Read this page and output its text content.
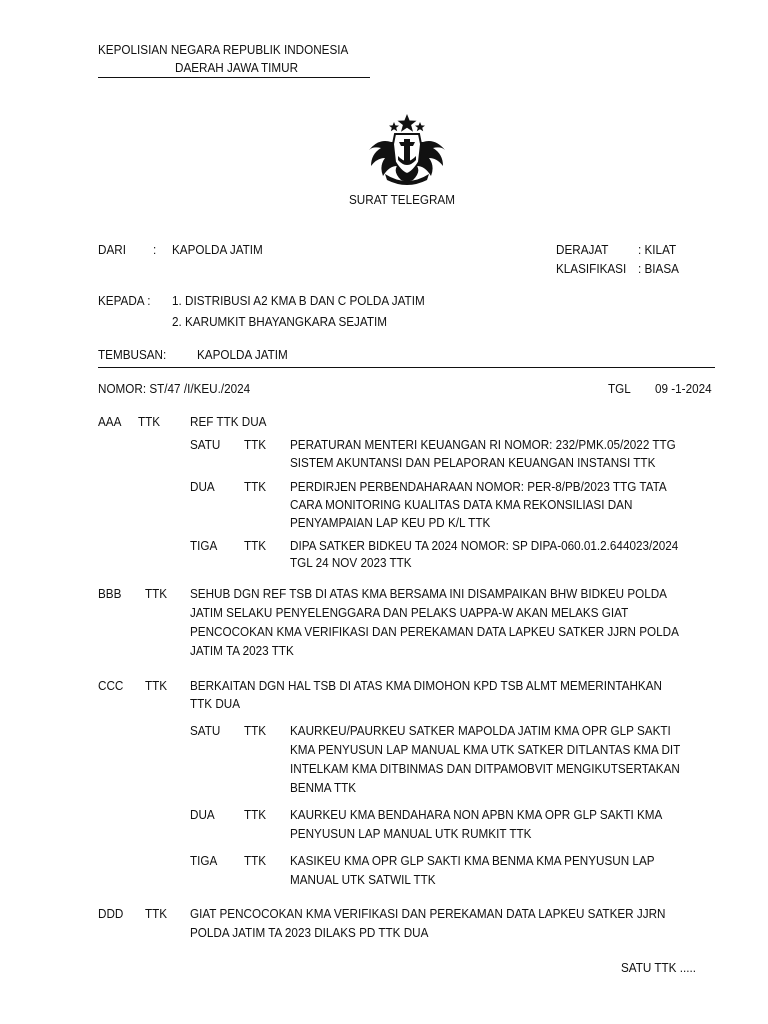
KEPOLISIAN NEGARA REPUBLIK INDONESIA
DAERAH JAWA TIMUR
SURAT TELEGRAM
DARI : KAPOLDA JATIM	DERAJAT : KILAT
KLASIFIKASI : BIASA
KEPADA : 1. DISTRIBUSI A2 KMA B DAN C POLDA JATIM
2. KARUMKIT BHAYANGKARA SEJATIM
TEMBUSAN: KAPOLDA JATIM
NOMOR: ST/47 /I/KEU./2024	TGL 09 -1-2024
AAA TTK REF TTK DUA
SATU TTK PERATURAN MENTERI KEUANGAN RI NOMOR: 232/PMK.05/2022 TTG
SISTEM AKUNTANSI DAN PELAPORAN KEUANGAN INSTANSI TTK
DUA TTK PERDIRJEN PERBENDAHARAAN NOMOR: PER-8/PB/2023 TTG TATA
CARA MONITORING KUALITAS DATA KMA REKONSILIASI DAN
PENYAMPAIAN LAP KEU PD K/L TTK
TIGA TTK DIPA SATKER BIDKEU TA 2024 NOMOR: SP DIPA-060.01.2.644023/2024
TGL 24 NOV 2023 TTK
BBB TTK SEHUB DGN REF TSB DI ATAS KMA BERSAMA INI DISAMPAIKAN BHW BIDKEU POLDA
JATIM SELAKU PENYELENGGARA DAN PELAKS UAPPA-W AKAN MELAKS GIAT
PENCOCOKAN KMA VERIFIKASI DAN PEREKAMAN DATA LAPKEU SATKER JJRN POLDA
JATIM TA 2023 TTK
CCC TTK BERKAITAN DGN HAL TSB DI ATAS KMA DIMOHON KPD TSB ALMT MEMERINTAHKAN
TTK DUA
SATU TTK KAURKEU/PAURKEU SATKER MAPOLDA JATIM KMA OPR GLP SAKTI
KMA PENYUSUN LAP MANUAL KMA UTK SATKER DITLANTAS KMA DIT
INTELKAM KMA DITBINMAS DAN DITPAMOBVIT MENGIKUTSERTAKAN
BENMA TTK
DUA TTK KAURKEU KMA BENDAHARA NON APBN KMA OPR GLP SAKTI KMA
PENYUSUN LAP MANUAL UTK RUMKIT TTK
TIGA TTK KASIKEU KMA OPR GLP SAKTI KMA BENMA KMA PENYUSUN LAP
MANUAL UTK SATWIL TTK
DDD TTK GIAT PENCOCOKAN KMA VERIFIKASI DAN PEREKAMAN DATA LAPKEU SATKER JJRN
POLDA JATIM TA 2023 DILAKS PD TTK DUA
SATU TTK .....
